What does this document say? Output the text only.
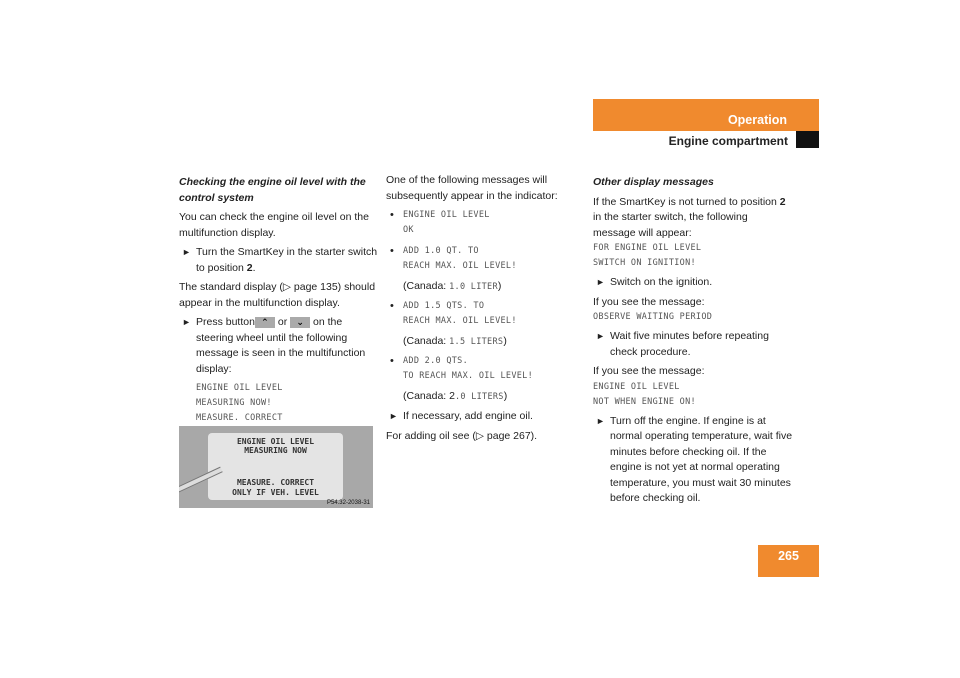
Operation
Engine compartment

Checking the engine oil level with the control system

You can check the engine oil level on the multifunction display.

► Turn the SmartKey in the starter switch to position 2.

The standard display (▷ page 135) should appear in the multifunction display.

► Press button ⌃ or ⌄ on the steering wheel until the following message is seen in the multifunction display:
ENGINE OIL LEVEL
MEASURING NOW!
MEASURE. CORRECT
ENGINE OIL LEVEL
MEASURING NOW
MEASURE. CORRECT
ONLY IF VEH. LEVEL
P54.32-2038-31

One of the following messages will subsequently appear in the indicator:

• ENGINE OIL LEVEL
OK
• ADD 1.0 QT. TO
REACH MAX. OIL LEVEL!

(Canada: 1.0 LITER)

• ADD 1.5 QTS. TO
REACH MAX. OIL LEVEL!

(Canada: 1.5 LITERS)

• ADD 2.0 QTS.
TO REACH MAX. OIL LEVEL!

(Canada: 2.0 LITERS)

► If necessary, add engine oil.

For adding oil see (▷ page 267).

Other display messages

If the SmartKey is not turned to position 2 in the starter switch, the following message will appear:

FOR ENGINE OIL LEVEL
SWITCH ON IGNITION!
► Switch on the ignition.

If you see the message:

OBSERVE WAITING PERIOD
► Wait five minutes before repeating check procedure.

If you see the message:

ENGINE OIL LEVEL
NOT WHEN ENGINE ON!
► Turn off the engine. If engine is at normal operating temperature, wait five minutes before checking oil. If the engine is not yet at normal operating temperature, you must wait 30 minutes before checking oil.
265
